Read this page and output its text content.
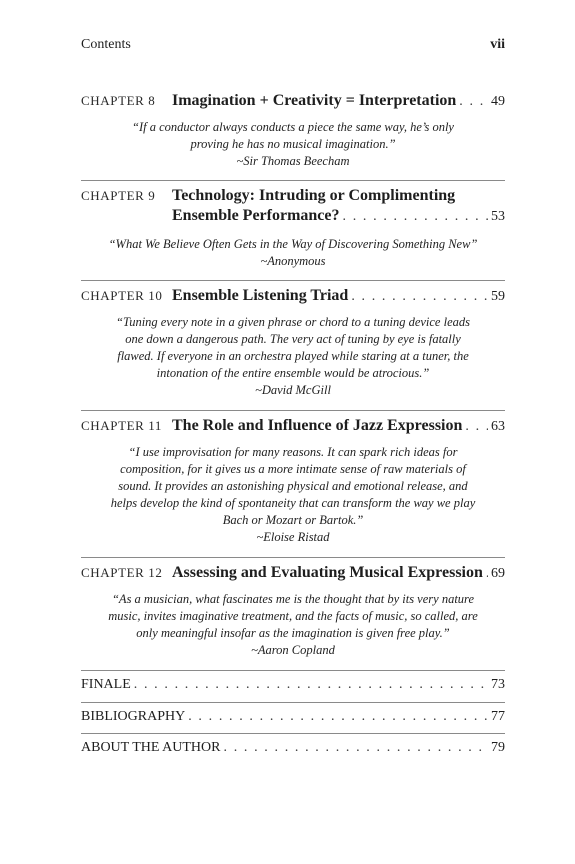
Contents	vii
CHAPTER 8	Imagination + Creativity = Interpretation . . . 49
“If a conductor always conducts a piece the same way, he’s only proving he has no musical imagination.”
~Sir Thomas Beecham
CHAPTER 9	Technology: Intruding or Complimenting
Ensemble Performance? . . .	53
“What We Believe Often Gets in the Way of Discovering Something New”
~Anonymous
CHAPTER 10 Ensemble Listening Triad . . .	59
“Tuning every note in a given phrase or chord to a tuning device leads one down a dangerous path. The very act of tuning by eye is fatally flawed. If everyone in an orchestra played while staring at a tuner, the intonation of the entire ensemble would be atrocious.”
~David McGill
CHAPTER 11 The Role and Influence of Jazz Expression . . . 63
“I use improvisation for many reasons. It can spark rich ideas for composition, for it gives us a more intimate sense of raw materials of sound. It provides an astonishing physical and emotional release, and helps develop the kind of spontaneity that can transform the way we play Bach or Mozart or Bartok.”
~Eloise Ristad
CHAPTER 12 Assessing and Evaluating Musical Expression . . . 69
“As a musician, what fascinates me is the thought that by its very nature music, invites imaginative treatment, and the facts of music, so called, are only meaningful insofar as the imagination is given free play.”
~Aaron Copland
FINALE . . .	73
BIBLIOGRAPHY . . .	77
ABOUT THE AUTHOR . . .	79
